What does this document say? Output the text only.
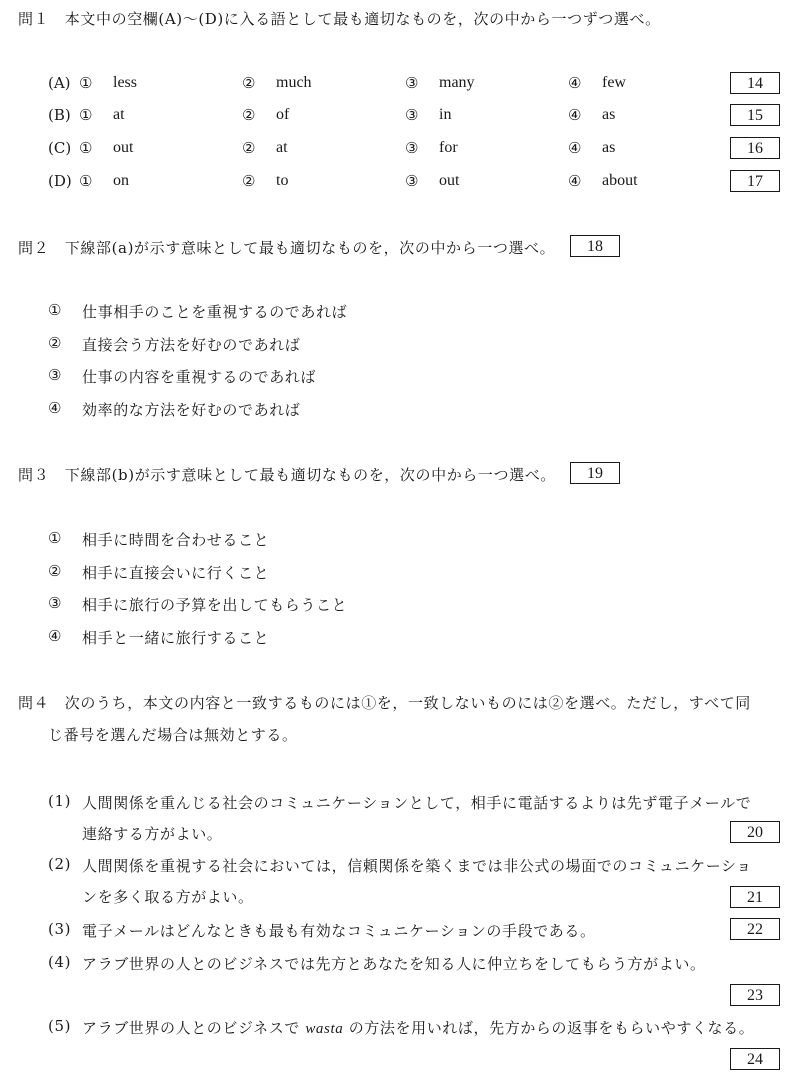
問１　本文中の空欄(A)～(D)に入る語として最も適切なものを，次の中から一つずつ選べ。
(A) ① less	② much	③ many	④ few	14
(B) ① at	② of	③ in	④ as	15
(C) ① out	② at	③ for	④ as	16
(D) ① on	② to	③ out	④ about	17
問２　下線部(a)が示す意味として最も適切なものを，次の中から一つ選べ。	18
① 仕事相手のことを重視するのであれば
② 直接会う方法を好むのであれば
③ 仕事の内容を重視するのであれば
④ 効率的な方法を好むのであれば
問３　下線部(b)が示す意味として最も適切なものを，次の中から一つ選べ。	19
① 相手に時間を合わせること
② 相手に直接会いに行くこと
③ 相手に旅行の予算を出してもらうこと
④ 相手と一緒に旅行すること
問４　次のうち，本文の内容と一致するものには①を，一致しないものには②を選べ。ただし，すべて同
じ番号を選んだ場合は無効とする。
(1) 人間関係を重んじる社会のコミュニケーションとして，相手に電話するよりは先ず電子メールで
連絡する方がよい。	20
(2) 人間関係を重視する社会においては，信頼関係を築くまでは非公式の場面でのコミュニケーショ
ンを多く取る方がよい。	21
(3) 電子メールはどんなときも最も有効なコミュニケーションの手段である。	22
(4) アラブ世界の人とのビジネスでは先方とあなたを知る人に仲立ちをしてもらう方がよい。
23
(5) アラブ世界の人とのビジネスで wasta の方法を用いれば，先方からの返事をもらいやすくなる。
24
